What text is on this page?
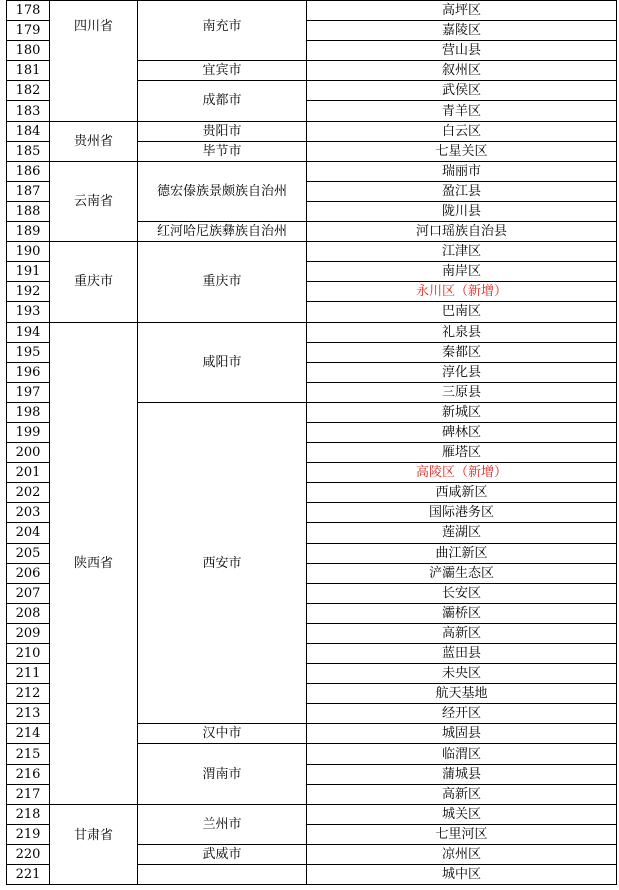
178	四川省	南充市	高坪区
179			嘉陵区
180			营山县
181		宜宾市	叙州区
182		成都市	武侯区
183			青羊区
184	贵州省	贵阳市	白云区
185		毕节市	七星关区
186	云南省	德宏傣族景颇族自治州	瑞丽市
187			盈江县
188			陇川县
189		红河哈尼族彝族自治州	河口瑶族自治县
190	重庆市	重庆市	江津区
191			南岸区
192			永川区（新增）
193			巴南区
194	陕西省	咸阳市	礼泉县
195			秦都区
196			淳化县
197			三原县
198		西安市	新城区
199			碑林区
200			雁塔区
201			高陵区（新增）
202			西咸新区
203			国际港务区
204			莲湖区
205			曲江新区
206			浐灞生态区
207			长安区
208			灞桥区
209			高新区
210			蓝田县
211			未央区
212			航天基地
213			经开区
214		汉中市	城固县
215		渭南市	临渭区
216			蒲城县
217			高新区
218	甘肃省	兰州市	城关区
219			七里河区
220		武威市	凉州区
221			城中区
